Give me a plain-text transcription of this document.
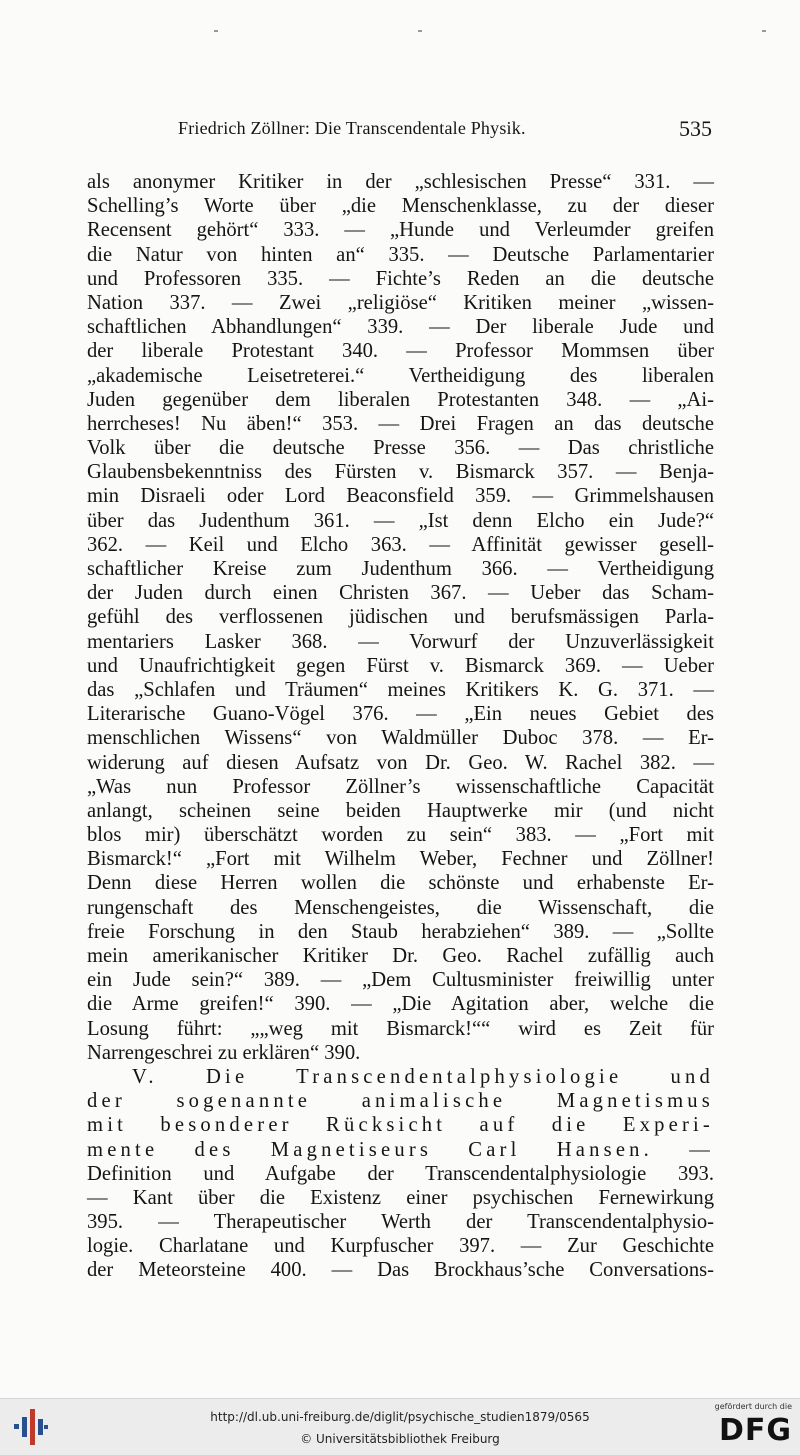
Friedrich Zöllner: Die Transcendentale Physik.	535
als anonymer Kritiker in der „schlesischen Presse“ 331. —
Schelling’s Worte über „die Menschenklasse, zu der dieser
Recensent gehört“ 333. — „Hunde und Verleumder greifen
die Natur von hinten an“ 335. — Deutsche Parlamentarier
und Professoren 335. — Fichte’s Reden an die deutsche
Nation 337. — Zwei „religiöse“ Kritiken meiner „wissen-
schaftlichen Abhandlungen“ 339. — Der liberale Jude und
der liberale Protestant 340. — Professor Mommsen über
„akademische Leisetreterei.“ Vertheidigung des liberalen
Juden gegenüber dem liberalen Protestanten 348. — „Ai-
herrcheses! Nu äben!“ 353. — Drei Fragen an das deutsche
Volk über die deutsche Presse 356. — Das christliche
Glaubensbekenntniss des Fürsten v. Bismarck 357. — Benja-
min Disraeli oder Lord Beaconsfield 359. — Grimmelshausen
über das Judenthum 361. — „Ist denn Elcho ein Jude?“
362. — Keil und Elcho 363. — Affinität gewisser gesell-
schaftlicher Kreise zum Judenthum 366. — Vertheidigung
der Juden durch einen Christen 367. — Ueber das Scham-
gefühl des verflossenen jüdischen und berufsmässigen Parla-
mentariers Lasker 368. — Vorwurf der Unzuverlässigkeit
und Unaufrichtigkeit gegen Fürst v. Bismarck 369. — Ueber
das „Schlafen und Träumen“ meines Kritikers K. G. 371. —
Literarische Guano-Vögel 376. — „Ein neues Gebiet des
menschlichen Wissens“ von Waldmüller Duboc 378. — Er-
widerung auf diesen Aufsatz von Dr. Geo. W. Rachel 382. —
„Was nun Professor Zöllner’s wissenschaftliche Capacität
anlangt, scheinen seine beiden Hauptwerke mir (und nicht
blos mir) überschätzt worden zu sein“ 383. — „Fort mit
Bismarck!“ „Fort mit Wilhelm Weber, Fechner und Zöllner!
Denn diese Herren wollen die schönste und erhabenste Er-
rungenschaft des Menschengeistes, die Wissenschaft, die
freie Forschung in den Staub herabziehen“ 389. — „Sollte
mein amerikanischer Kritiker Dr. Geo. Rachel zufällig auch
ein Jude sein?“ 389. — „Dem Cultusminister freiwillig unter
die Arme greifen!“ 390. — „Die Agitation aber, welche die
Losung führt: „„weg mit Bismarck!““ wird es Zeit für
Narrengeschrei zu erklären“ 390.
V. Die Transcendentalphysiologie und
der sogenannte animalische Magnetismus
mit besonderer Rücksicht auf die Experi-
mente des Magnetiseurs Carl Hansen. —
Definition und Aufgabe der Transcendentalphysiologie 393.
— Kant über die Existenz einer psychischen Fernewirkung
395. — Therapeutischer Werth der Transcendentalphysio-
logie. Charlatane und Kurpfuscher 397. — Zur Geschichte
der Meteorsteine 400. — Das Brockhaus’sche Conversations-
http://dl.ub.uni-freiburg.de/diglit/psychische_studien1879/0565
© Universitätsbibliothek Freiburg
gefördert durch die
DFG
